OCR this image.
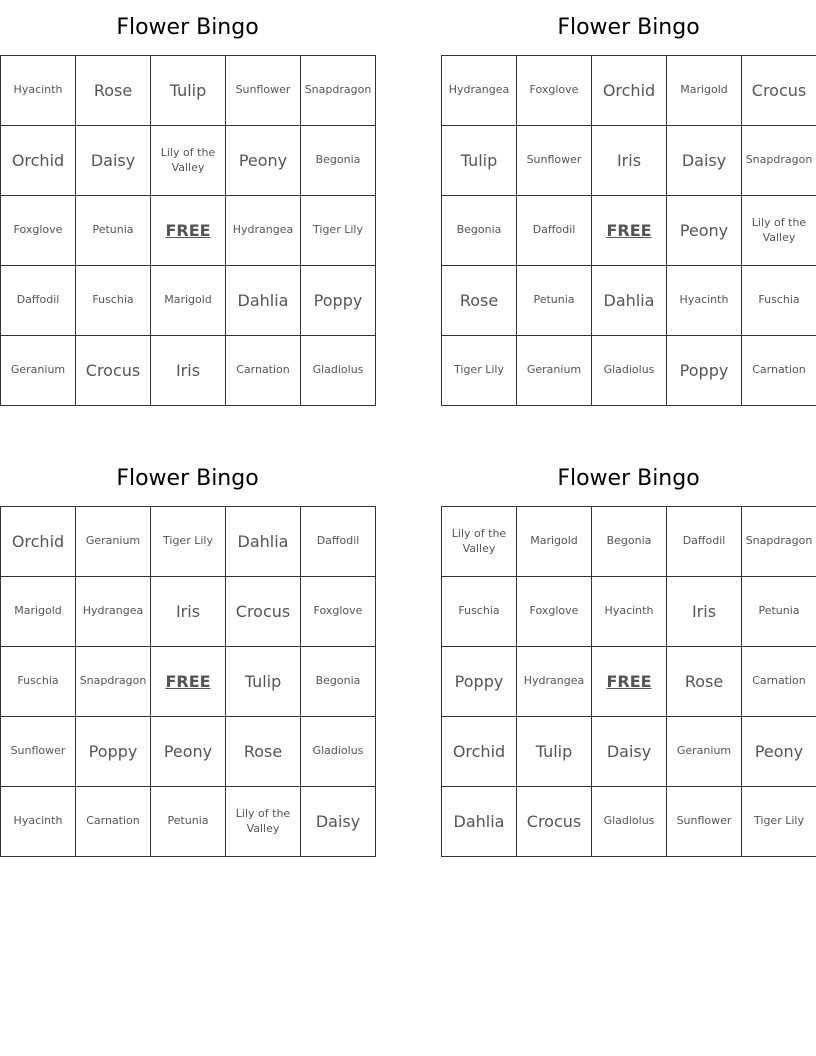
Flower Bingo
Hyacinth	Rose	Tulip	Sunflower	Snapdragon
Orchid	Daisy	Lily of the Valley	Peony	Begonia
Foxglove	Petunia	FREE	Hydrangea	Tiger Lily
Daffodil	Fuschia	Marigold	Dahlia	Poppy
Geranium	Crocus	Iris	Carnation	Gladiolus
Flower Bingo
Hydrangea	Foxglove	Orchid	Marigold	Crocus
Tulip	Sunflower	Iris	Daisy	Snapdragon
Begonia	Daffodil	FREE	Peony	Lily of the Valley
Rose	Petunia	Dahlia	Hyacinth	Fuschia
Tiger Lily	Geranium	Gladiolus	Poppy	Carnation
Flower Bingo
Orchid	Geranium	Tiger Lily	Dahlia	Daffodil
Marigold	Hydrangea	Iris	Crocus	Foxglove
Fuschia	Snapdragon	FREE	Tulip	Begonia
Sunflower	Poppy	Peony	Rose	Gladiolus
Hyacinth	Carnation	Petunia	Lily of the Valley	Daisy
Flower Bingo
Lily of the Valley	Marigold	Begonia	Daffodil	Snapdragon
Fuschia	Foxglove	Hyacinth	Iris	Petunia
Poppy	Hydrangea	FREE	Rose	Carnation
Orchid	Tulip	Daisy	Geranium	Peony
Dahlia	Crocus	Gladiolus	Sunflower	Tiger Lily
